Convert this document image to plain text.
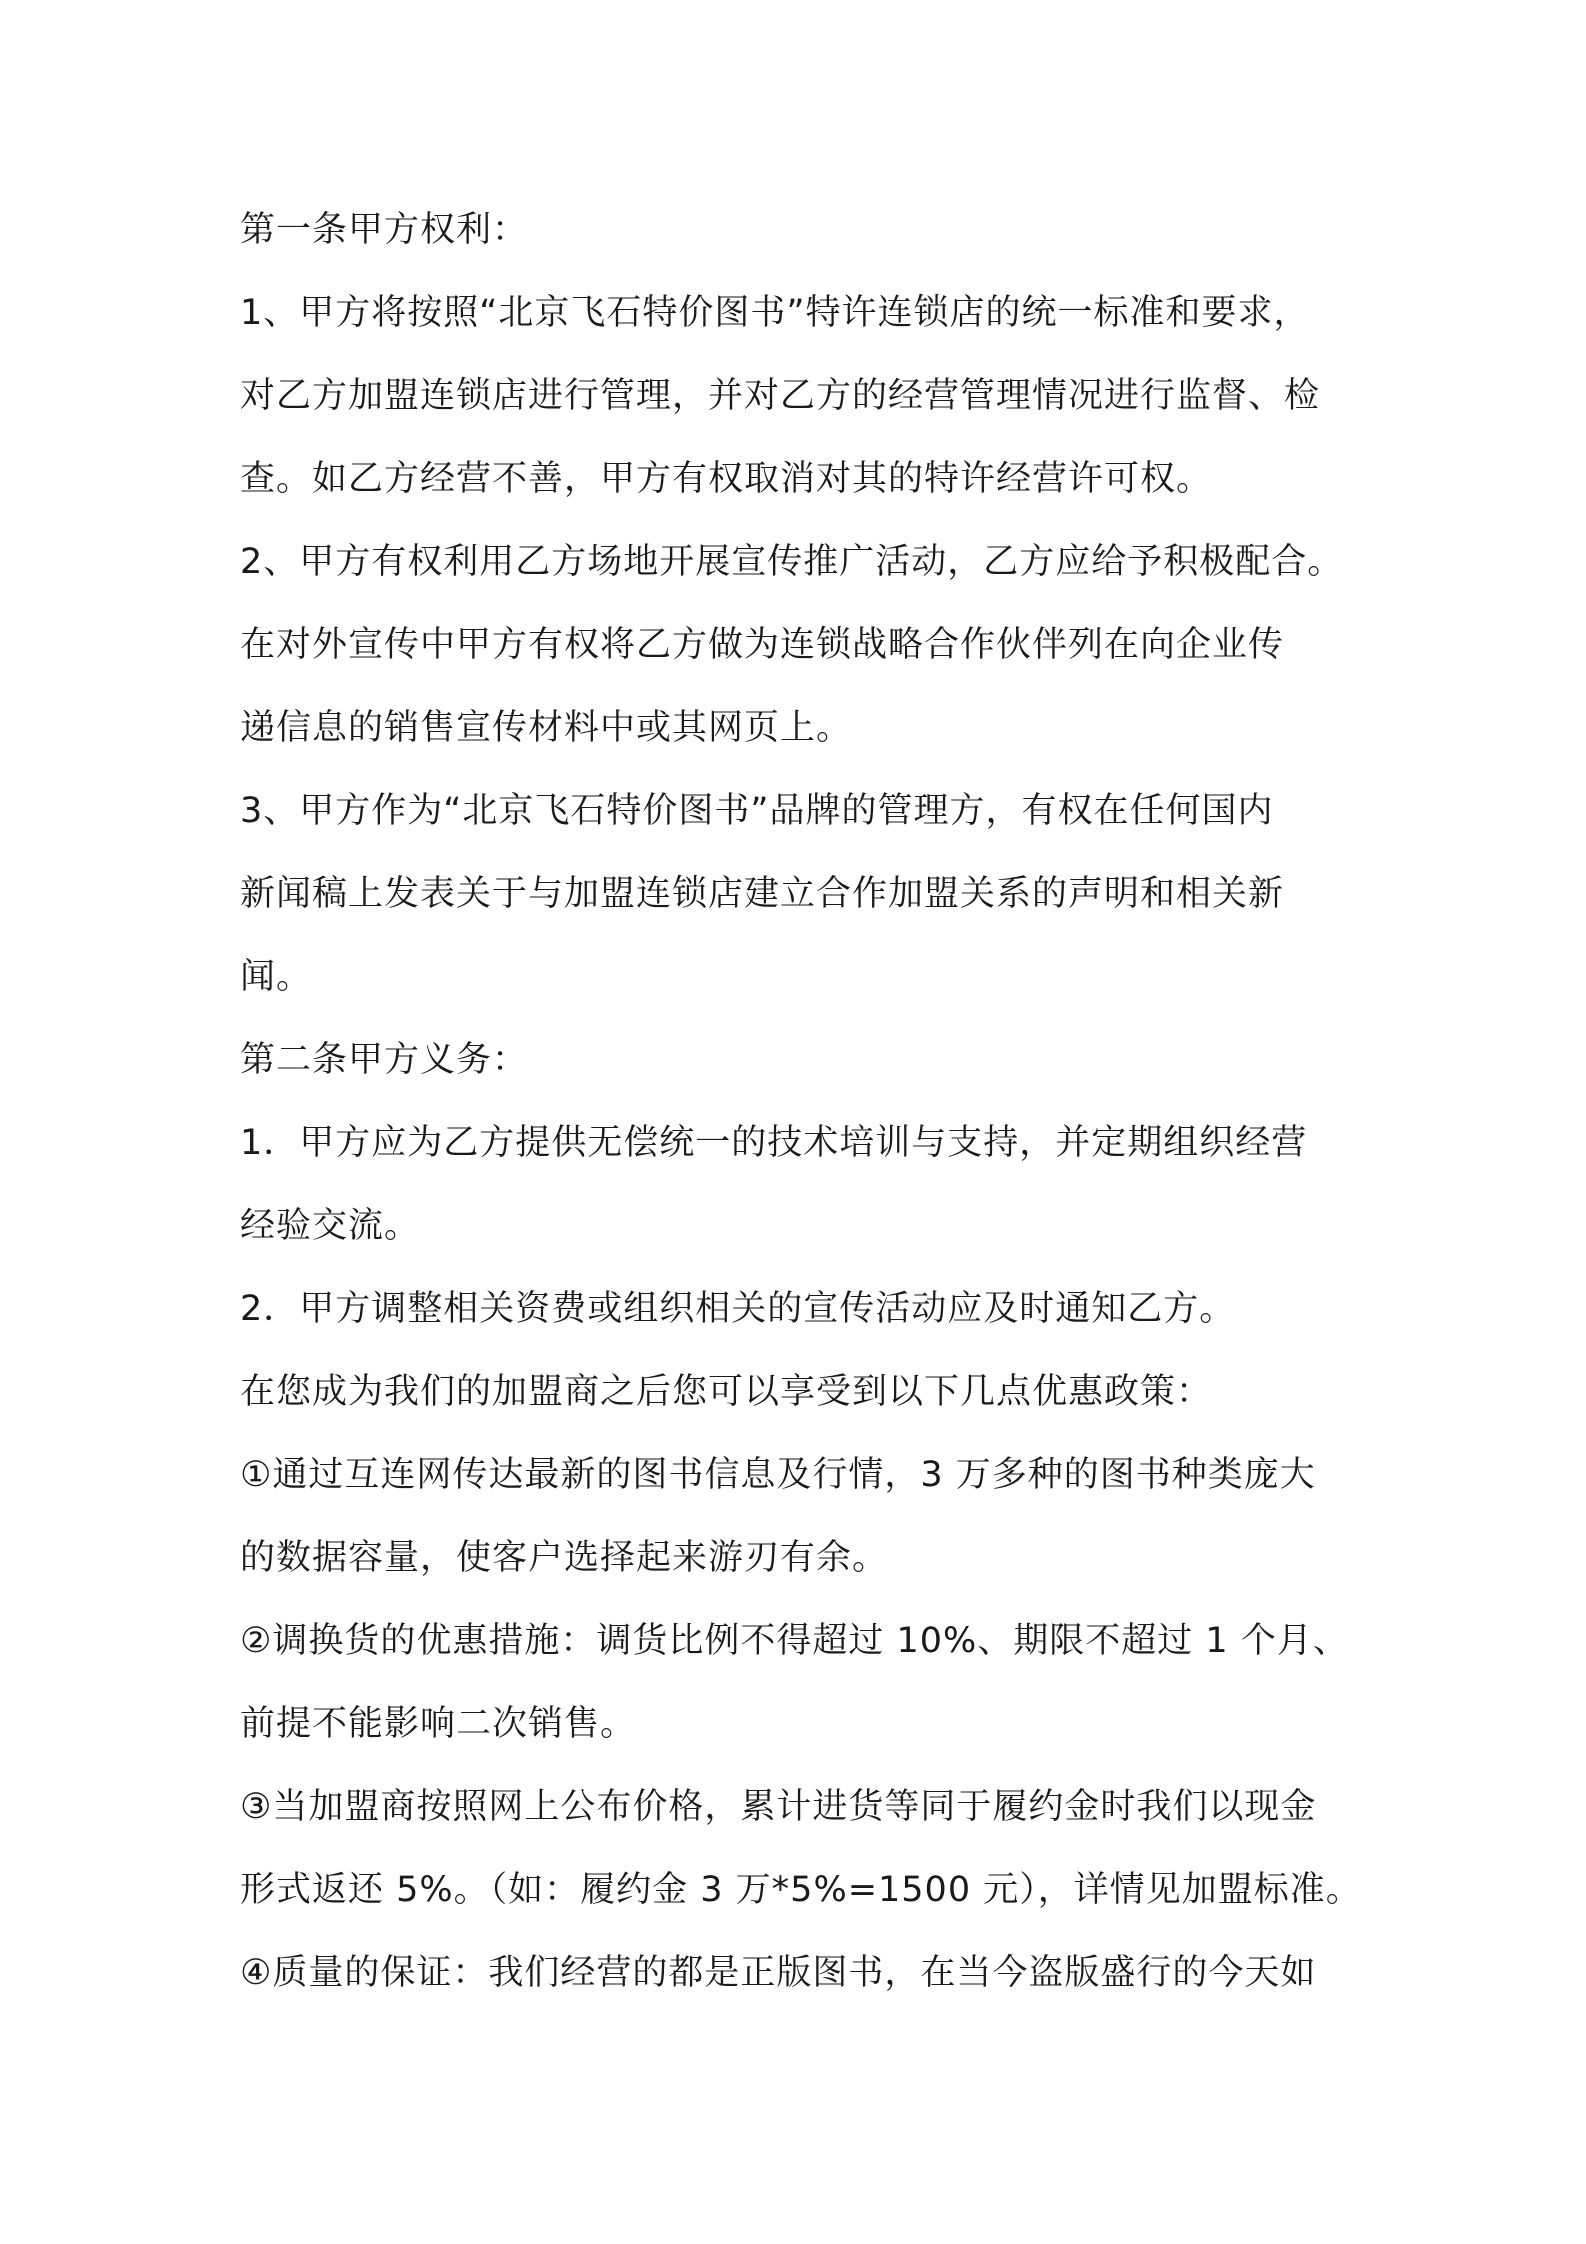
第一条甲方权利：
1、甲方将按照“北京飞石特价图书”特许连锁店的统一标准和要求，
对乙方加盟连锁店进行管理，并对乙方的经营管理情况进行监督、检
查。如乙方经营不善，甲方有权取消对其的特许经营许可权。
2、甲方有权利用乙方场地开展宣传推广活动，乙方应给予积极配合。
在对外宣传中甲方有权将乙方做为连锁战略合作伙伴列在向企业传
递信息的销售宣传材料中或其网页上。
3、甲方作为“北京飞石特价图书”品牌的管理方，有权在任何国内
新闻稿上发表关于与加盟连锁店建立合作加盟关系的声明和相关新
闻。
第二条甲方义务：
1．甲方应为乙方提供无偿统一的技术培训与支持，并定期组织经营
经验交流。
2．甲方调整相关资费或组织相关的宣传活动应及时通知乙方。
在您成为我们的加盟商之后您可以享受到以下几点优惠政策：
①通过互连网传达最新的图书信息及行情，3 万多种的图书种类庞大
的数据容量，使客户选择起来游刃有余。
②调换货的优惠措施：调货比例不得超过 10%、期限不超过 1 个月、
前提不能影响二次销售。
③当加盟商按照网上公布价格，累计进货等同于履约金时我们以现金
形式返还 5%。（如：履约金 3 万*5%=1500 元），详情见加盟标准。
④质量的保证：我们经营的都是正版图书，在当今盗版盛行的今天如
